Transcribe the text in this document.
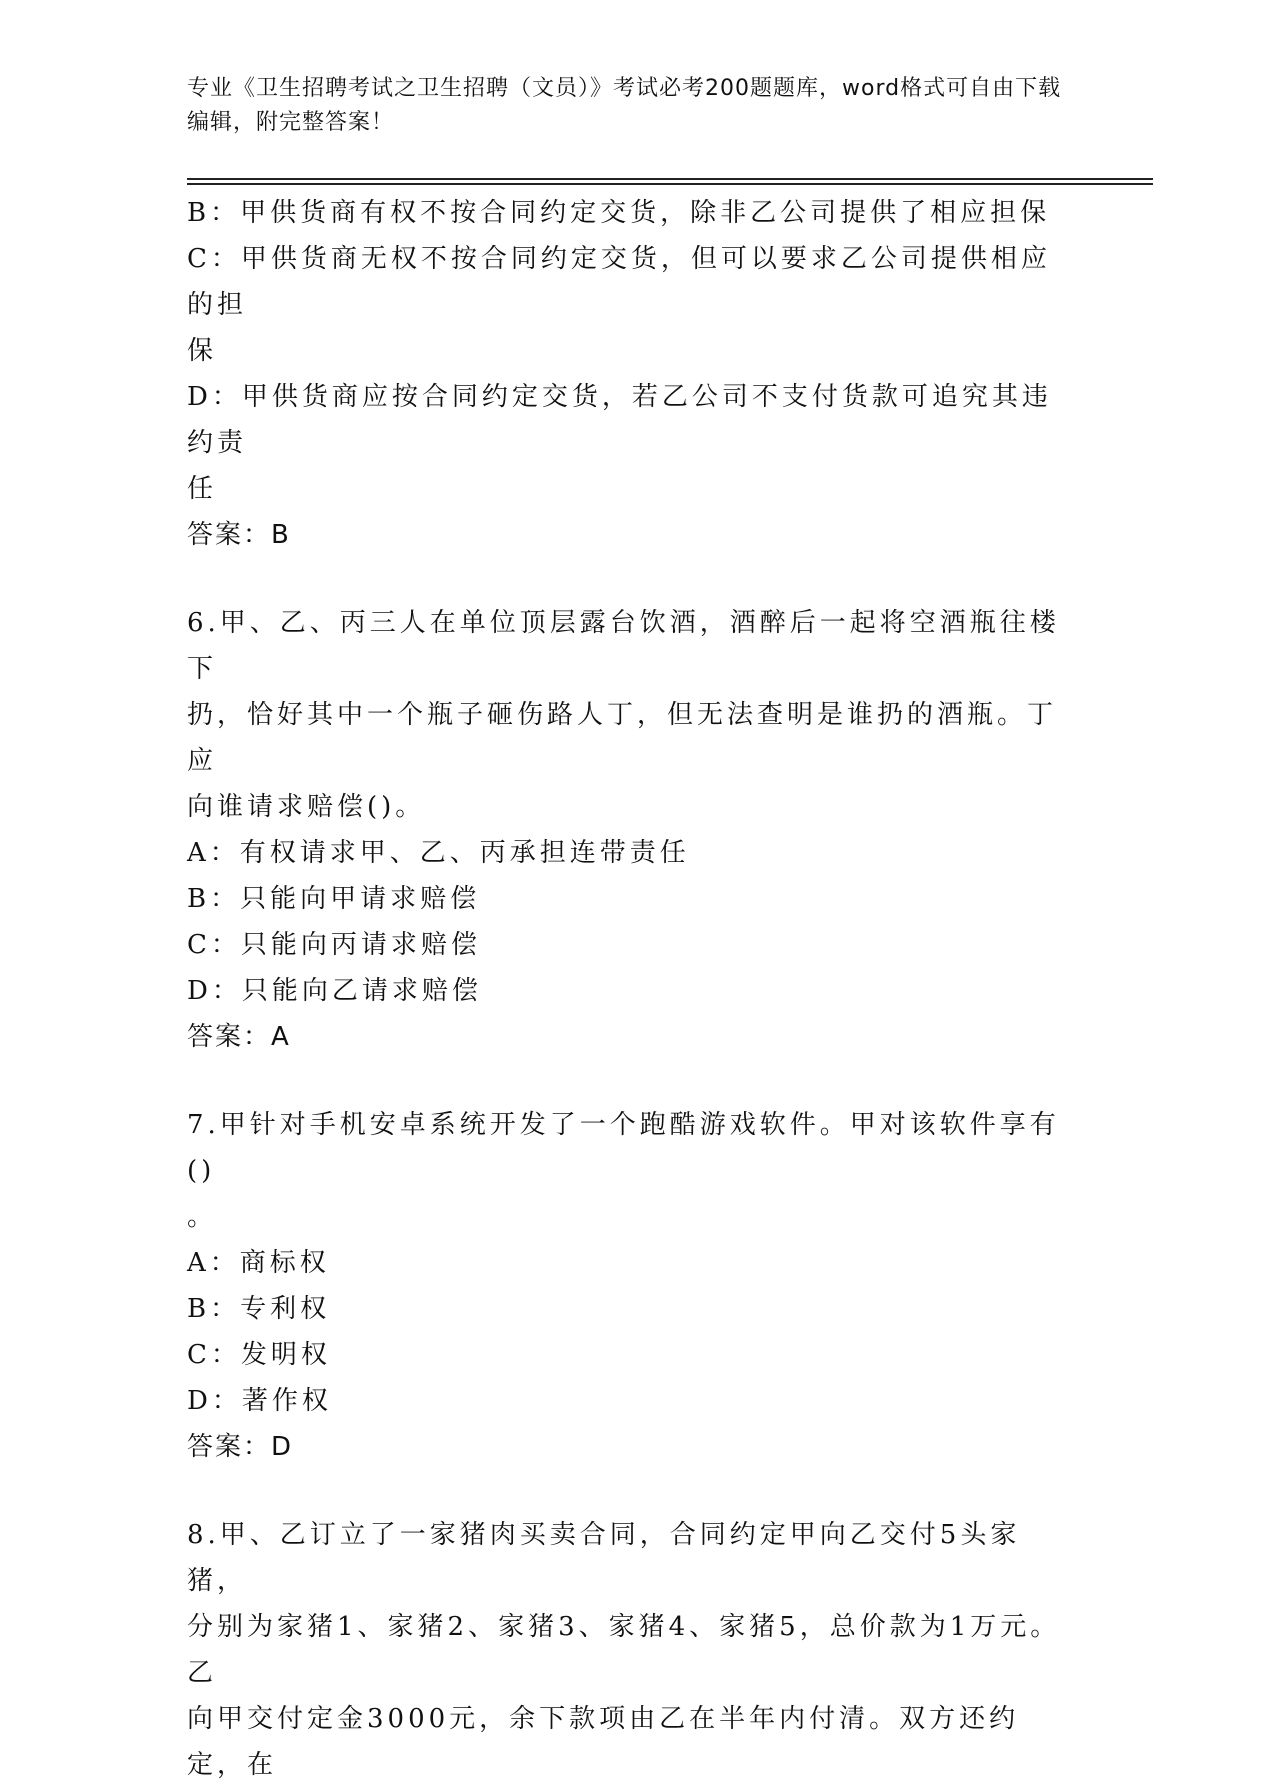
专业《卫生招聘考试之卫生招聘（文员）》考试必考200题题库，word格式可自由下载编辑，附完整答案！

B：甲供货商有权不按合同约定交货，除非乙公司提供了相应担保

C：甲供货商无权不按合同约定交货，但可以要求乙公司提供相应的担

保

D：甲供货商应按合同约定交货，若乙公司不支付货款可追究其违约责

任

答案：B

6.甲、乙、丙三人在单位顶层露台饮酒，酒醉后一起将空酒瓶往楼下

扔，恰好其中一个瓶子砸伤路人丁，但无法查明是谁扔的酒瓶。丁应

向谁请求赔偿()。

A：有权请求甲、乙、丙承担连带责任

B：只能向甲请求赔偿

C：只能向丙请求赔偿

D：只能向乙请求赔偿

答案：A

7.甲针对手机安卓系统开发了一个跑酷游戏软件。甲对该软件享有()

。

A：商标权

B：专利权

C：发明权

D：著作权

答案：D

8.甲、乙订立了一家猪肉买卖合同，合同约定甲向乙交付5头家猪，

分别为家猪1、家猪2、家猪3、家猪4、家猪5，总价款为1万元。乙

向甲交付定金3000元，余下款项由乙在半年内付清。双方还约定，在
